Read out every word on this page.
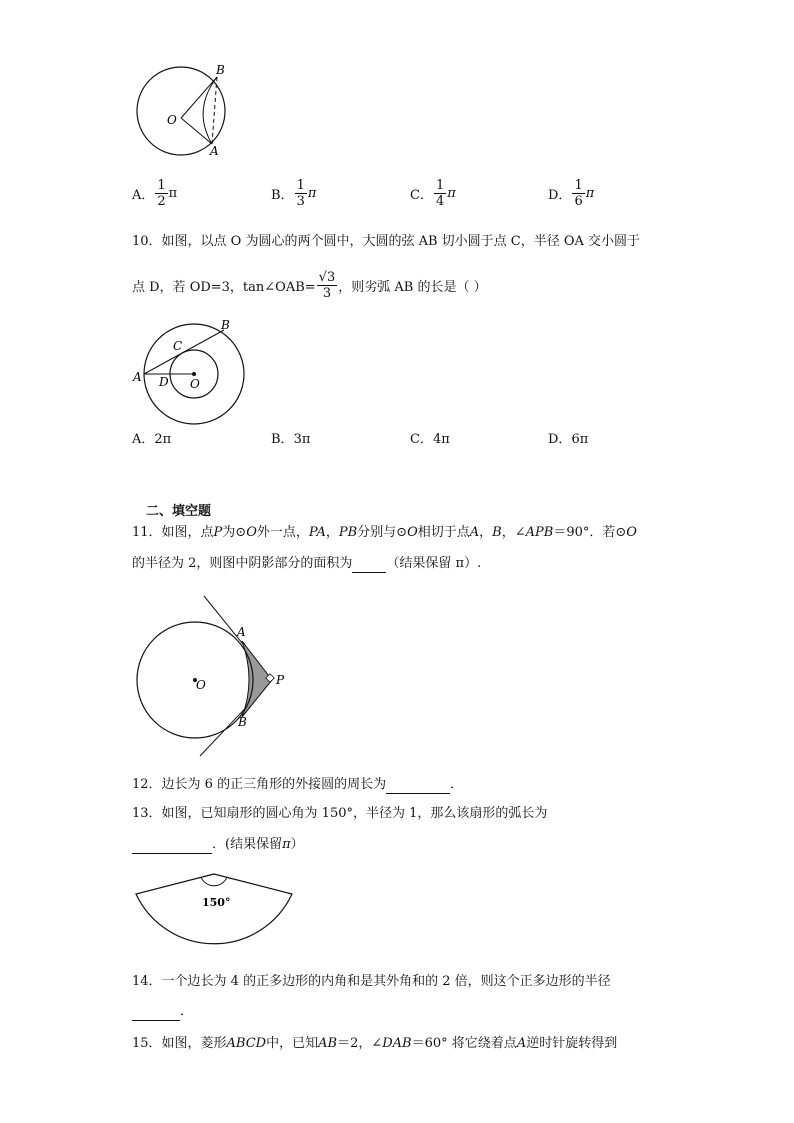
B
O
A
A． $\frac{1}{2}$ π	B． $\frac{1}{3}$ π	C． $\frac{1}{4}$ π	D． $\frac{1}{6}$ π
10．如图，以点 O 为圆心的两个圆中，大圆的弦 AB 切小圆于点 C，半径 OA 交小圆于
点 D，若 OD=3，tan∠OAB= $\frac{√3}{3}$ ，则劣弧 AB 的长是（ ）
B
C
A D O
A．2π	B．3π	C．4π	D．6π
二、填空题
11．如图，点P为⊙O外一点，PA，PB分别与⊙O相切于点A，B，∠APB＝90°．若⊙O
的半径为 2，则图中阴影部分的面积为	（结果保留 π）.
A
O	P
B
12．边长为 6 的正三角形的外接圆的周长为	．
13．如图，已知扇形的圆心角为 150°，半径为 1，那么该扇形的弧长为
．(结果保留π）
150°
14．一个边长为 4 的正多边形的内角和是其外角和的 2 倍，则这个正多边形的半径
．
15．如图，菱形ABCD中，已知AB＝2，∠DAB＝60° 将它绕着点A逆时针旋转得到
